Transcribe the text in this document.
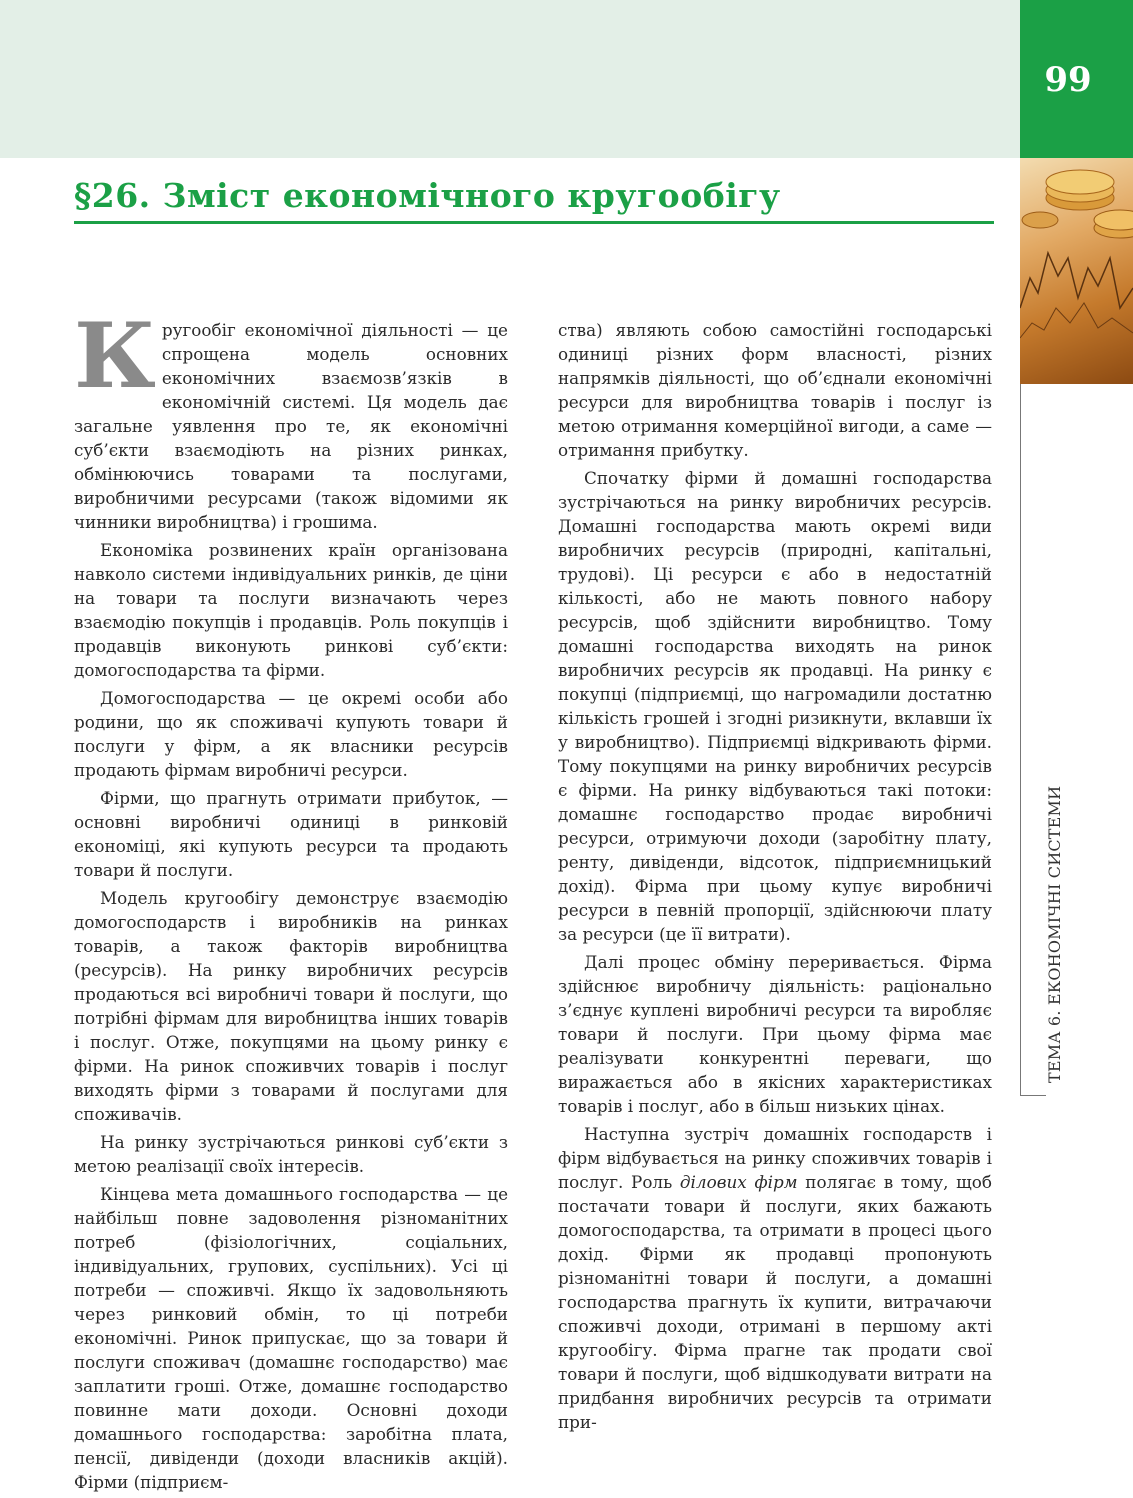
99
ТЕМА 6. ЕКОНОМІЧНІ СИСТЕМИ
§26. Зміст економічного кругообігу

Кругообіг економічної діяльності — це спрощена модель основних економічних взаємозв’язків в економічній системі. Ця модель дає загальне уявлення про те, як економічні суб’єкти взаємодіють на різних ринках, обмінюючись товарами та послугами, виробничими ресурсами (також відомими як чинники виробництва) і грошима.

Економіка розвинених країн організована навколо системи індивідуальних ринків, де ціни на товари та послуги визначають через взаємодію покупців і продавців. Роль покупців і продавців виконують ринкові суб’єкти: домогосподарства та фірми.

Домогосподарства — це окремі особи або родини, що як споживачі купують товари й послуги у фірм, а як власники ресурсів продають фірмам виробничі ресурси.

Фірми, що прагнуть отримати прибуток, — основні виробничі одиниці в ринковій економіці, які купують ресурси та продають товари й послуги.

Модель кругообігу демонструє взаємодію домогосподарств і виробників на ринках товарів, а також факторів виробництва (ресурсів). На ринку виробничих ресурсів продаються всі виробничі товари й послуги, що потрібні фірмам для виробництва інших товарів і послуг. Отже, покупцями на цьому ринку є фірми. На ринок споживчих товарів і послуг виходять фірми з товарами й послугами для споживачів.

На ринку зустрічаються ринкові суб’єкти з метою реалізації своїх інтересів.

Кінцева мета домашнього господарства — це найбільш повне задоволення різноманітних потреб (фізіологічних, соціальних, індивідуальних, групових, суспільних). Усі ці потреби — споживчі. Якщо їх задовольняють через ринковий обмін, то ці потреби економічні. Ринок припускає, що за товари й послуги споживач (домашнє господарство) має заплатити гроші. Отже, домашнє господарство повинне мати доходи. Основні доходи домашнього господарства: заробітна плата, пенсії, дивіденди (доходи власників акцій). Фірми (підприєм-

ства) являють собою самостійні господарські одиниці різних форм власності, різних напрямків діяльності, що об’єднали економічні ресурси для виробництва товарів і послуг із метою отримання комерційної вигоди, а саме — отримання прибутку.

Спочатку фірми й домашні господарства зустрічаються на ринку виробничих ресурсів. Домашні господарства мають окремі види виробничих ресурсів (природні, капітальні, трудові). Ці ресурси є або в недостатній кількості, або не мають повного набору ресурсів, щоб здійснити виробництво. Тому домашні господарства виходять на ринок виробничих ресурсів як продавці. На ринку є покупці (підприємці, що нагромадили достатню кількість грошей і згодні ризикнути, вклавши їх у виробництво). Підприємці відкривають фірми. Тому покупцями на ринку виробничих ресурсів є фірми. На ринку відбуваються такі потоки: домашнє господарство продає виробничі ресурси, отримуючи доходи (заробітну плату, ренту, дивіденди, відсоток, підприємницький дохід). Фірма при цьому купує виробничі ресурси в певній пропорції, здійснюючи плату за ресурси (це її витрати).

Далі процес обміну переривається. Фірма здійснює виробничу діяльність: раціонально з’єднує куплені виробничі ресурси та виробляє товари й послуги. При цьому фірма має реалізувати конкурентні переваги, що виражається або в якісних характеристиках товарів і послуг, або в більш низьких цінах.

Наступна зустріч домашніх господарств і фірм відбувається на ринку споживчих товарів і послуг. Роль ділових фірм полягає в тому, щоб постачати товари й послуги, яких бажають домогосподарства, та отримати в процесі цього дохід. Фірми як продавці пропонують різноманітні товари й послуги, а домашні господарства прагнуть їх купити, витрачаючи споживчі доходи, отримані в першому акті кругообігу. Фірма прагне так продати свої товари й послуги, щоб відшкодувати витрати на придбання виробничих ресурсів та отримати при-
